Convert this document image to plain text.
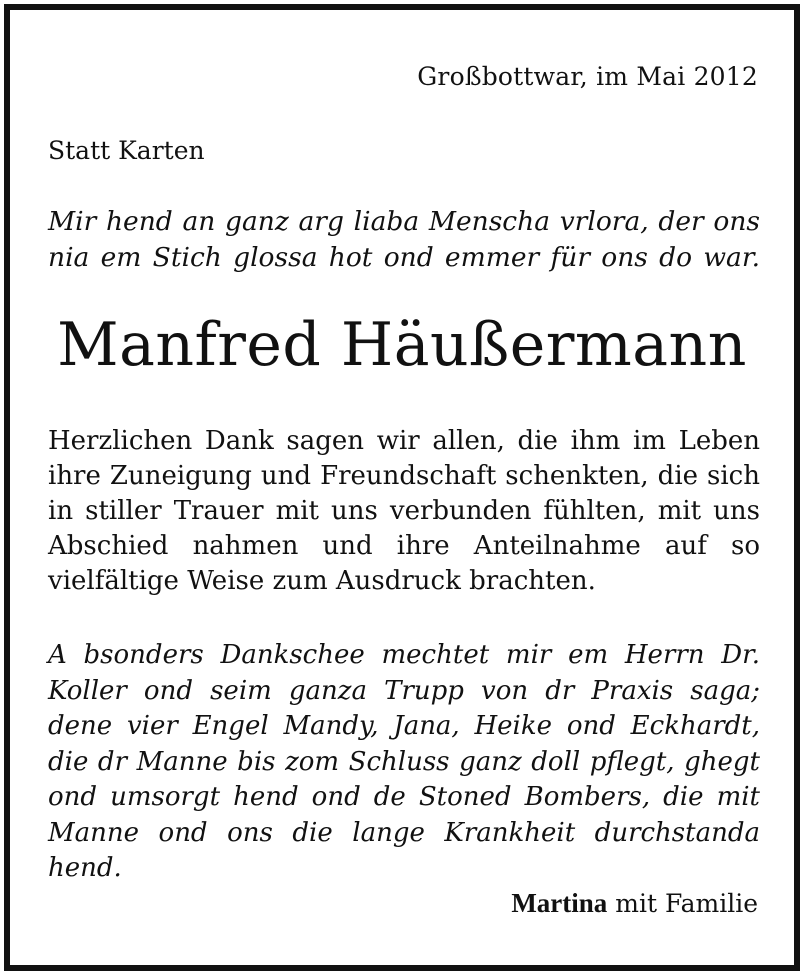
Großbottwar, im Mai 2012
Statt Karten
Mir hend an ganz arg liaba Menscha vrlora, der ons nia em Stich glossa hot ond emmer für ons do war.
Manfred Häußermann
Herzlichen Dank sagen wir allen, die ihm im Leben ihre Zuneigung und Freundschaft schenkten, die sich in stiller Trauer mit uns verbunden fühlten, mit uns Abschied nahmen und ihre Anteilnahme auf so vielfältige Weise zum Ausdruck brachten.
A bsonders Dankschee mechtet mir em Herrn Dr. Koller ond seim ganza Trupp von dr Praxis saga; dene vier Engel Mandy, Jana, Heike ond Eckhardt, die dr Manne bis zom Schluss ganz doll pflegt, ghegt ond umsorgt hend ond de Stoned Bombers, die mit Manne ond ons die lange Krankheit durchstanda hend.
Martina mit Familie
